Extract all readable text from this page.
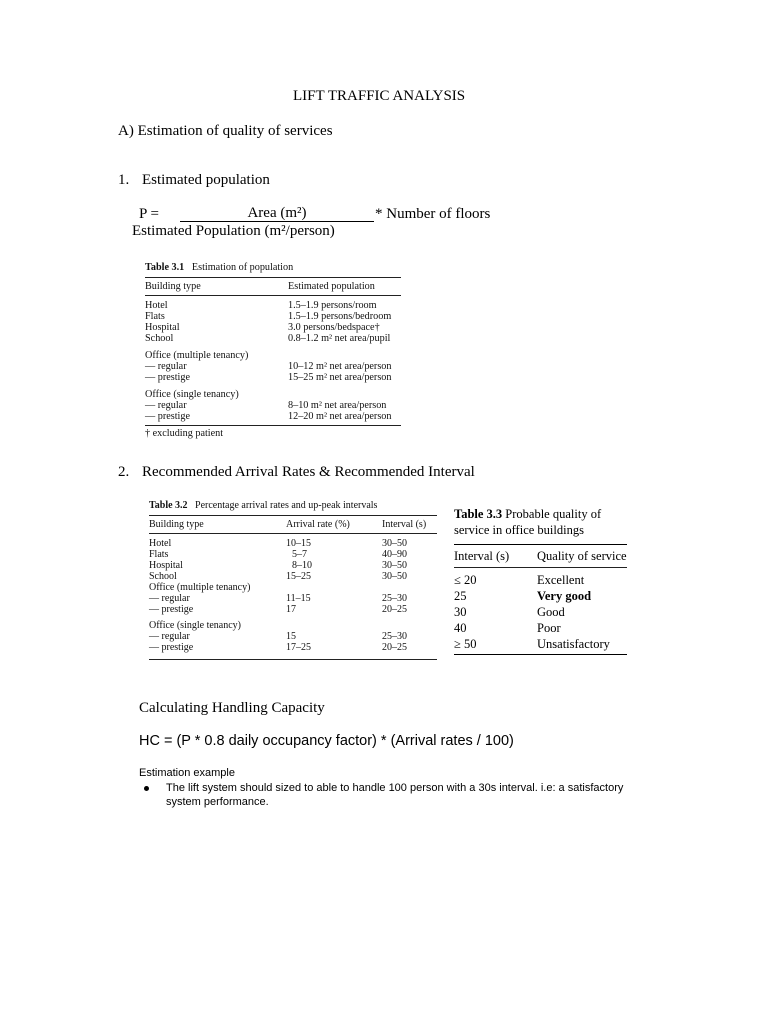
LIFT TRAFFIC ANALYSIS
A) Estimation of quality of services
1. Estimated population
P =	Area (m²)	* Number of floors
Estimated Population (m²/person)
Table 3.1 Estimation of population
Building type	Estimated population
Hotel	1.5–1.9 persons/room
Flats	1.5–1.9 persons/bedroom
Hospital	3.0 persons/bedspace†
School	0.8–1.2 m² net area/pupil
Office (multiple tenancy)	
— regular	10–12 m² net area/person
— prestige	15–25 m² net area/person
Office (single tenancy)	
— regular	8–10 m² net area/person
— prestige	12–20 m² net area/person
† excluding patient	
2. Recommended Arrival Rates & Recommended Interval
Table 3.2 Percentage arrival rates and up-peak intervals
Building type	Arrival rate (%)	Interval (s)
Hotel	10–15	30–50
Flats	5–7	40–90
Hospital	8–10	30–50
School	15–25	30–50
Office (multiple tenancy)		
— regular	11–15	25–30
— prestige	17	20–25
Office (single tenancy)		
— regular	15	25–30
— prestige	17–25	20–25

Table 3.3 Probable quality of
service in office buildings
Interval (s)	Quality of service
≤ 20	Excellent
25	Very good
30	Good
40	Poor
≥ 50	Unsatisfactory

Calculating Handling Capacity
HC = (P * 0.8 daily occupancy factor) * (Arrival rates / 100)
Estimation example
The lift system should sized to able to handle 100 person with a 30s interval. i.e: a satisfactory
system performance.
